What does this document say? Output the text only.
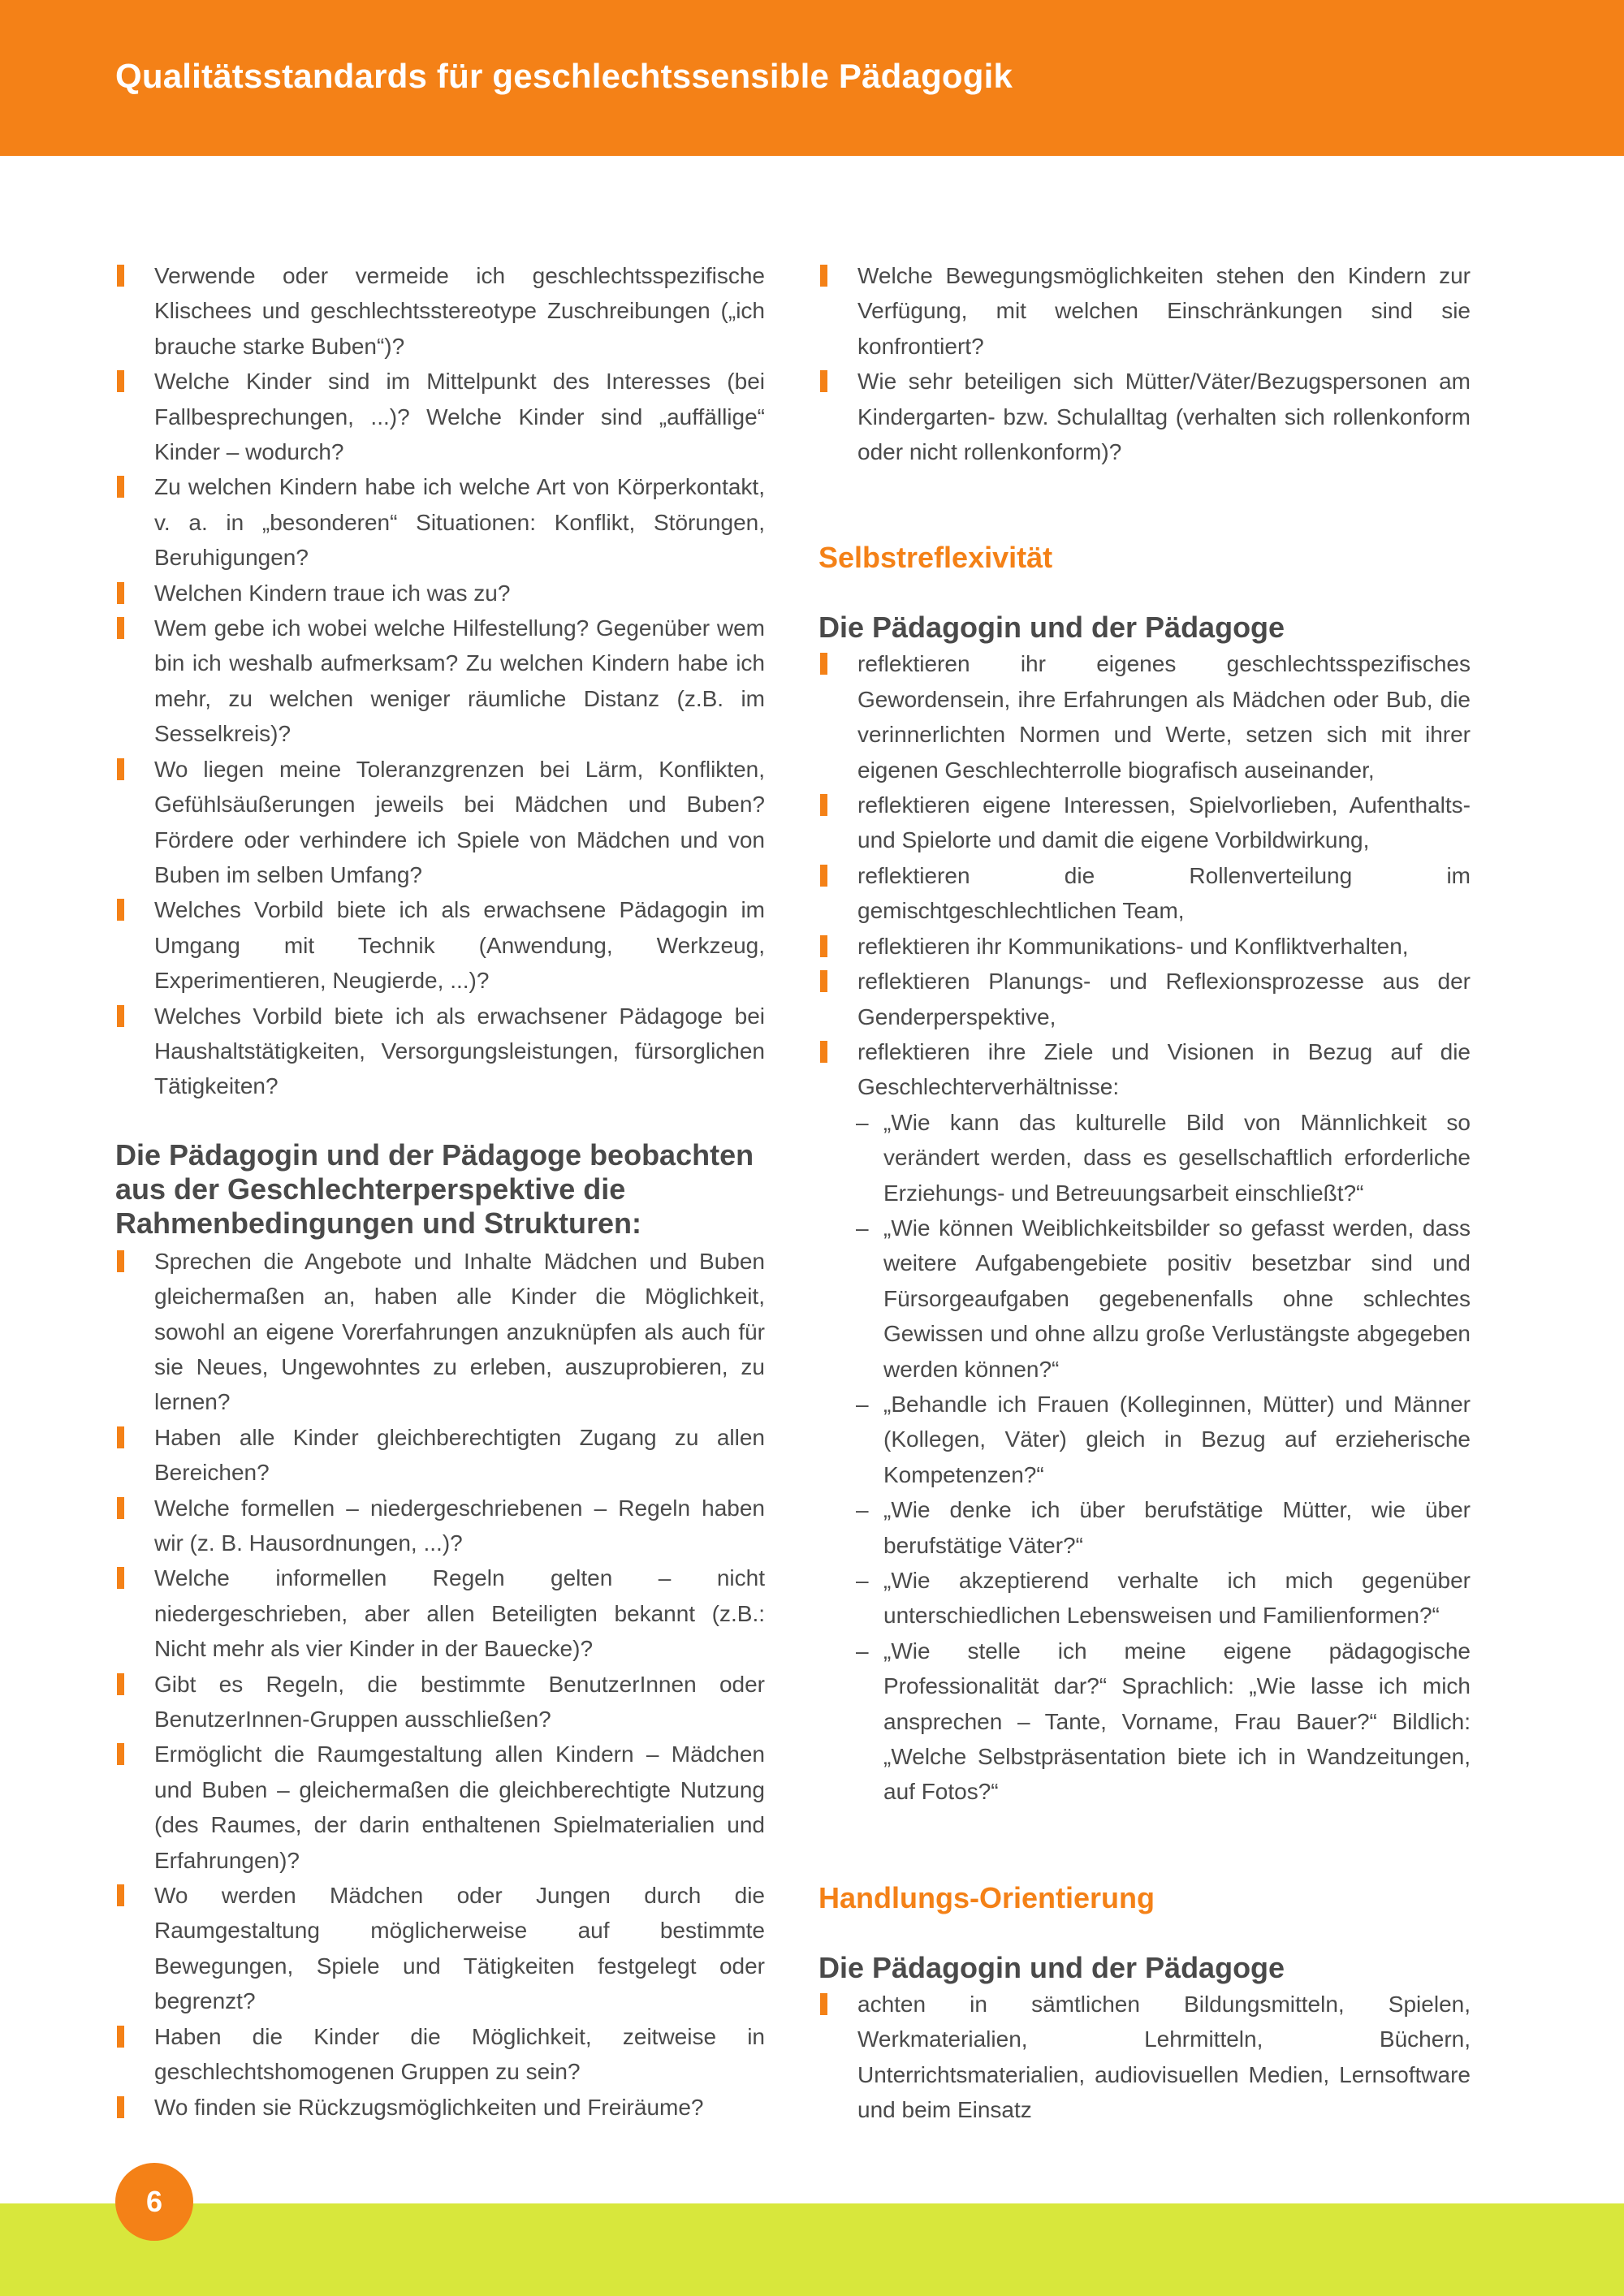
Qualitätsstandards für geschlechtssensible Pädagogik
Verwende oder vermeide ich geschlechtsspezifische Klischees und geschlechtsstereotype Zuschreibungen („ich brauche starke Buben“)?
Welche Kinder sind im Mittelpunkt des Interesses (bei Fallbesprechungen, ...)? Welche Kinder sind „auffällige“ Kinder – wodurch?
Zu welchen Kindern habe ich welche Art von Körperkontakt, v. a. in „besonderen“ Situationen: Konflikt, Störungen, Beruhigungen?
Welchen Kindern traue ich was zu?
Wem gebe ich wobei welche Hilfestellung? Gegenüber wem bin ich weshalb aufmerksam? Zu welchen Kindern habe ich mehr, zu welchen weniger räumliche Distanz (z.B. im Sesselkreis)?
Wo liegen meine Toleranzgrenzen bei Lärm, Konflikten, Gefühlsäußerungen jeweils bei Mädchen und Buben? Fördere oder verhindere ich Spiele von Mädchen und von Buben im selben Umfang?
Welches Vorbild biete ich als erwachsene Pädagogin im Umgang mit Technik (Anwendung, Werkzeug, Experimentieren, Neugierde, ...)?
Welches Vorbild biete ich als erwachsener Pädagoge bei Haushaltstätigkeiten, Versorgungsleistungen, fürsorglichen Tätigkeiten?
Die Pädagogin und der Pädagoge beobachten aus der Geschlechterperspektive die Rahmenbedingungen und Strukturen:
Sprechen die Angebote und Inhalte Mädchen und Buben gleichermaßen an, haben alle Kinder die Möglichkeit, sowohl an eigene Vorerfahrungen anzuknüpfen als auch für sie Neues, Ungewohntes zu erleben, auszuprobieren, zu lernen?
Haben alle Kinder gleichberechtigten Zugang zu allen Bereichen?
Welche formellen – niedergeschriebenen – Regeln haben wir (z. B. Hausordnungen, ...)?
Welche informellen Regeln gelten – nicht niedergeschrieben, aber allen Beteiligten bekannt (z.B.: Nicht mehr als vier Kinder in der Bauecke)?
Gibt es Regeln, die bestimmte BenutzerInnen oder BenutzerInnen-Gruppen ausschließen?
Ermöglicht die Raumgestaltung allen Kindern – Mädchen und Buben – gleichermaßen die gleichberechtigte Nutzung (des Raumes, der darin enthaltenen Spielmaterialien und Erfahrungen)?
Wo werden Mädchen oder Jungen durch die Raumgestaltung möglicherweise auf bestimmte Bewegungen, Spiele und Tätigkeiten festgelegt oder begrenzt?
Haben die Kinder die Möglichkeit, zeitweise in geschlechtshomogenen Gruppen zu sein?
Wo finden sie Rückzugsmöglichkeiten und Freiräume?
Welche Bewegungsmöglichkeiten stehen den Kindern zur Verfügung, mit welchen Einschränkungen sind sie konfrontiert?
Wie sehr beteiligen sich Mütter/Väter/Bezugspersonen am Kindergarten- bzw. Schulalltag (verhalten sich rollenkonform oder nicht rollenkonform)?
Selbstreflexivität
Die Pädagogin und der Pädagoge
reflektieren ihr eigenes geschlechtsspezifisches Gewordensein, ihre Erfahrungen als Mädchen oder Bub, die verinnerlichten Normen und Werte, setzen sich mit ihrer eigenen Geschlechterrolle biografisch auseinander,
reflektieren eigene Interessen, Spielvorlieben, Aufenthalts- und Spielorte und damit die eigene Vorbildwirkung,
reflektieren die Rollenverteilung im gemischtgeschlechtlichen Team,
reflektieren ihr Kommunikations- und Konfliktverhalten,
reflektieren Planungs- und Reflexionsprozesse aus der Genderperspektive,
reflektieren ihre Ziele und Visionen in Bezug auf die Geschlechterverhältnisse:
– „Wie kann das kulturelle Bild von Männlichkeit so verändert werden, dass es gesellschaftlich erforderliche Erziehungs- und Betreuungsarbeit einschließt?“
– „Wie können Weiblichkeitsbilder so gefasst werden, dass weitere Aufgabengebiete positiv besetzbar sind und Fürsorgeaufgaben gegebenenfalls ohne schlechtes Gewissen und ohne allzu große Verlustängste abgegeben werden können?“
– „Behandle ich Frauen (Kolleginnen, Mütter) und Männer (Kollegen, Väter) gleich in Bezug auf erzieherische Kompetenzen?“
– „Wie denke ich über berufstätige Mütter, wie über berufstätige Väter?“
– „Wie akzeptierend verhalte ich mich gegenüber unterschiedlichen Lebensweisen und Familienformen?“
– „Wie stelle ich meine eigene pädagogische Professionalität dar?“ Sprachlich: „Wie lasse ich mich ansprechen – Tante, Vorname, Frau Bauer?“ Bildlich: „Welche Selbstpräsentation biete ich in Wandzeitungen, auf Fotos?“
Handlungs-Orientierung
Die Pädagogin und der Pädagoge
achten in sämtlichen Bildungsmitteln, Spielen, Werkmaterialien, Lehrmitteln, Büchern, Unterrichtsmaterialien, audiovisuellen Medien, Lernsoftware und beim Einsatz
6
